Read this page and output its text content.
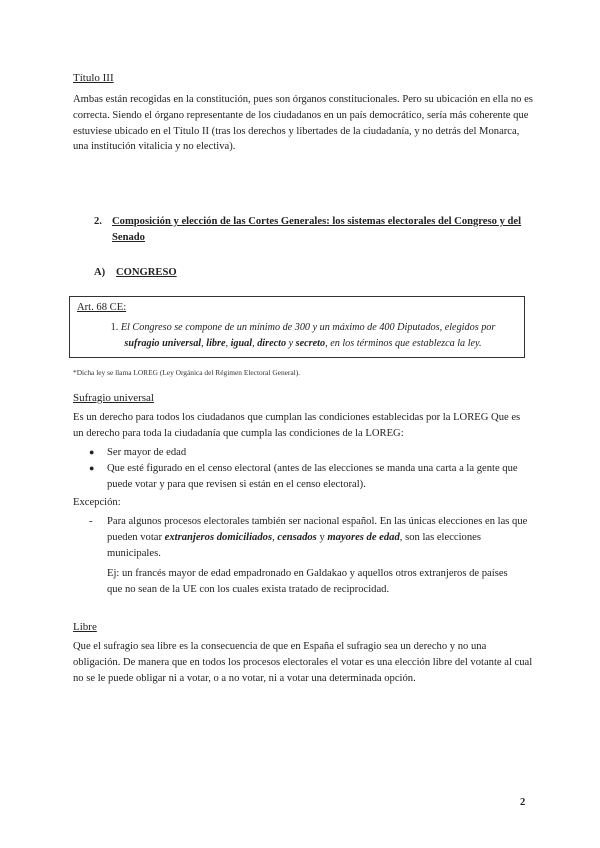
Título III

Ambas están recogidas en la constitución, pues son órganos constitucionales. Pero su ubicación en ella no es correcta. Siendo el órgano representante de los ciudadanos en un país democrático, sería más coherente que estuviese ubicado en el Título II (tras los derechos y libertades de la ciudadanía, y no detrás del Monarca, una institución vitalicia y no electiva).

2. Composición y elección de las Cortes Generales: los sistemas electorales del Congreso y del Senado
A) CONGRESO
Art. 68 CE:
1. El Congreso se compone de un mínimo de 300 y un máximo de 400 Diputados, elegidos por
sufragio universal, libre, igual, directo y secreto, en los términos que establezca la ley.

*Dicha ley se llama LOREG (Ley Orgánica del Régimen Electoral General).

Sufragio universal

Es un derecho para todos los ciudadanos que cumplan las condiciones establecidas por la LOREG Que es un derecho para toda la ciudadanía que cumpla las condiciones de la LOREG:

● Ser mayor de edad
● Que esté figurado en el censo electoral (antes de las elecciones se manda una carta a la gente que puede votar y para que revisen si están en el censo electoral).

Excepción:

- Para algunos procesos electorales también ser nacional español. En las únicas elecciones en las que pueden votar extranjeros domiciliados, censados y mayores de edad, son las elecciones municipales.

Ej: un francés mayor de edad empadronado en Galdakao y aquellos otros extranjeros de países que no sean de la UE con los cuales exista tratado de reciprocidad.

Libre

Que el sufragio sea libre es la consecuencia de que en España el sufragio sea un derecho y no una obligación. De manera que en todos los procesos electorales el votar es una elección libre del votante al cual no se le puede obligar ni a votar, o a no votar, ni a votar una determinada opción.

2
